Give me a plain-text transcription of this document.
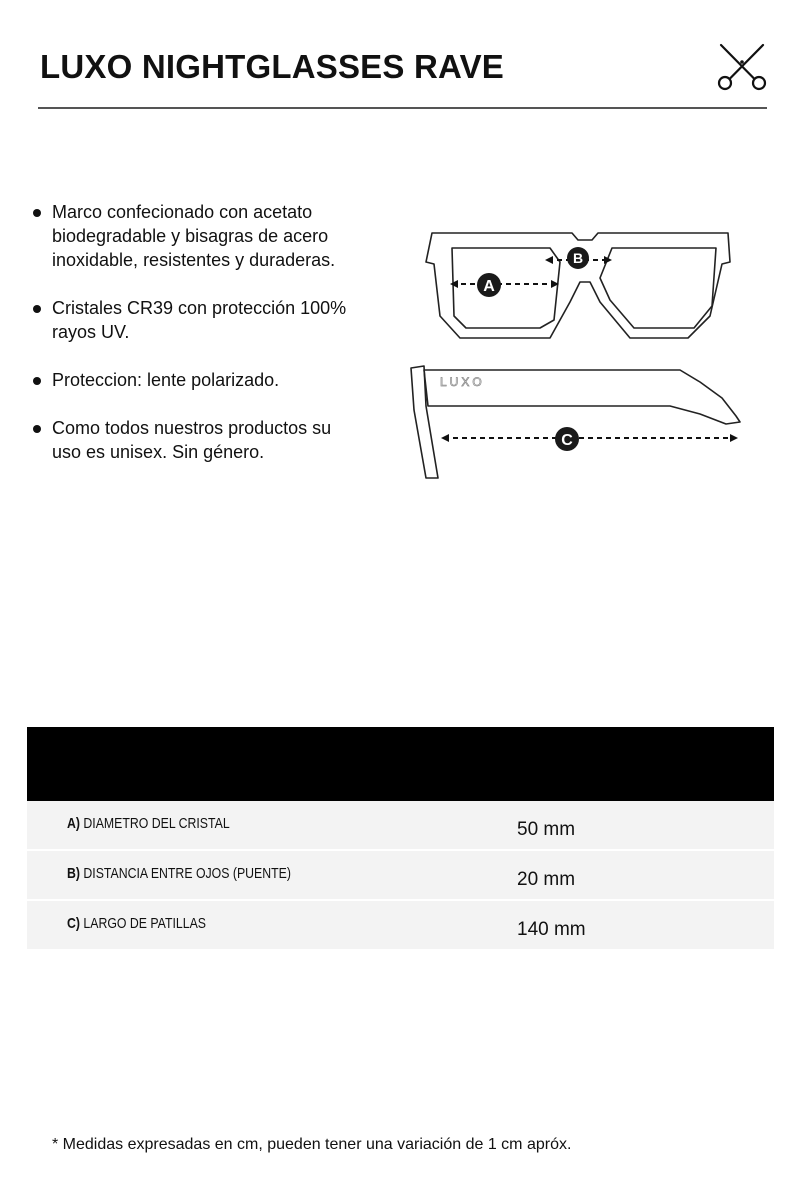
LUXO NIGHTGLASSES RAVE
Marco confecionado con acetato biodegradable y bisagras de acero inoxidable, resistentes y duraderas.
Cristales CR39 con protección 100% rayos UV.
Proteccion: lente polarizado.
Como todos nuestros productos su uso es unisex. Sin género.
LUXO
A
B
C
A) DIAMETRO DEL CRISTAL	50 mm
B) DISTANCIA ENTRE OJOS (PUENTE)	20 mm
C) LARGO DE PATILLAS	140 mm
* Medidas expresadas en cm, pueden tener una variación de 1 cm apróx.
